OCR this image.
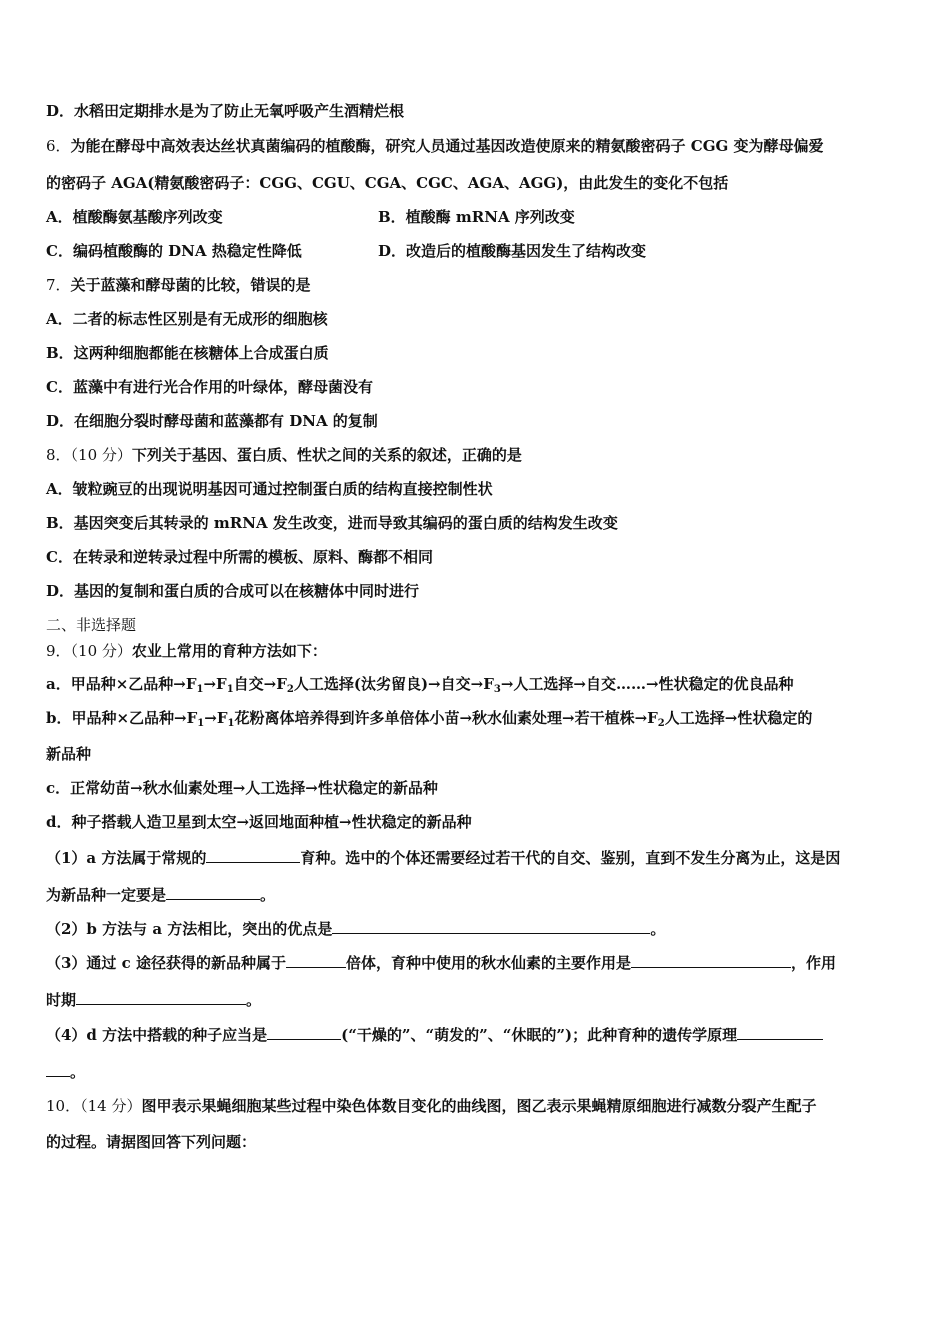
D．水稻田定期排水是为了防止无氧呼吸产生酒精烂根
6．为能在酵母中高效表达丝状真菌编码的植酸酶，研究人员通过基因改造使原来的精氨酸密码子 CGG 变为酵母偏爱
的密码子 AGA(精氨酸密码子：CGG、CGU、CGA、CGC、AGA、AGG)，由此发生的变化不包括
A．植酸酶氨基酸序列改变	B．植酸酶 mRNA 序列改变
C．编码植酸酶的 DNA 热稳定性降低	D．改造后的植酸酶基因发生了结构改变
7．关于蓝藻和酵母菌的比较，错误的是
A．二者的标志性区别是有无成形的细胞核
B．这两种细胞都能在核糖体上合成蛋白质
C．蓝藻中有进行光合作用的叶绿体，酵母菌没有
D．在细胞分裂时酵母菌和蓝藻都有 DNA 的复制
8．（10 分）下列关于基因、蛋白质、性状之间的关系的叙述，正确的是
A．皱粒豌豆的出现说明基因可通过控制蛋白质的结构直接控制性状
B．基因突变后其转录的 mRNA 发生改变，进而导致其编码的蛋白质的结构发生改变
C．在转录和逆转录过程中所需的模板、原料、酶都不相同
D．基因的复制和蛋白质的合成可以在核糖体中同时进行
二、非选择题
9．（10 分）农业上常用的育种方法如下：
a．甲品种×乙品种$\to F_1\to F_1$自交$\to F_2$人工选择(汰劣留良)→自交$\to F_3\to$人工选择→自交……→性状稳定的优良品种
b．甲品种×乙品种$\to F_1\to F_1$花粉离体培养得到许多单倍体小苗→秋水仙素处理→若干植株$\to F_2$人工选择→性状稳定的
新品种
c．正常幼苗→秋水仙素处理→人工选择→性状稳定的新品种
d．种子搭载人造卫星到太空→返回地面种植→性状稳定的新品种
（1）a 方法属于常规的	育种。选中的个体还需要经过若干代的自交、鉴别，直到不发生分离为止，这是因
为新品种一定要是	。
（2）b 方法与 a 方法相比，突出的优点是	。
（3）通过 c 途径获得的新品种属于	倍体，育种中使用的秋水仙素的主要作用是	，作用
时期	。
（4）d 方法中搭载的种子应当是	(“干燥的”、“萌发的”、“休眠的”)；此种育种的遗传学原理
。
10．（14 分）图甲表示果蝇细胞某些过程中染色体数目变化的曲线图，图乙表示果蝇精原细胞进行减数分裂产生配子
的过程。请据图回答下列问题：
